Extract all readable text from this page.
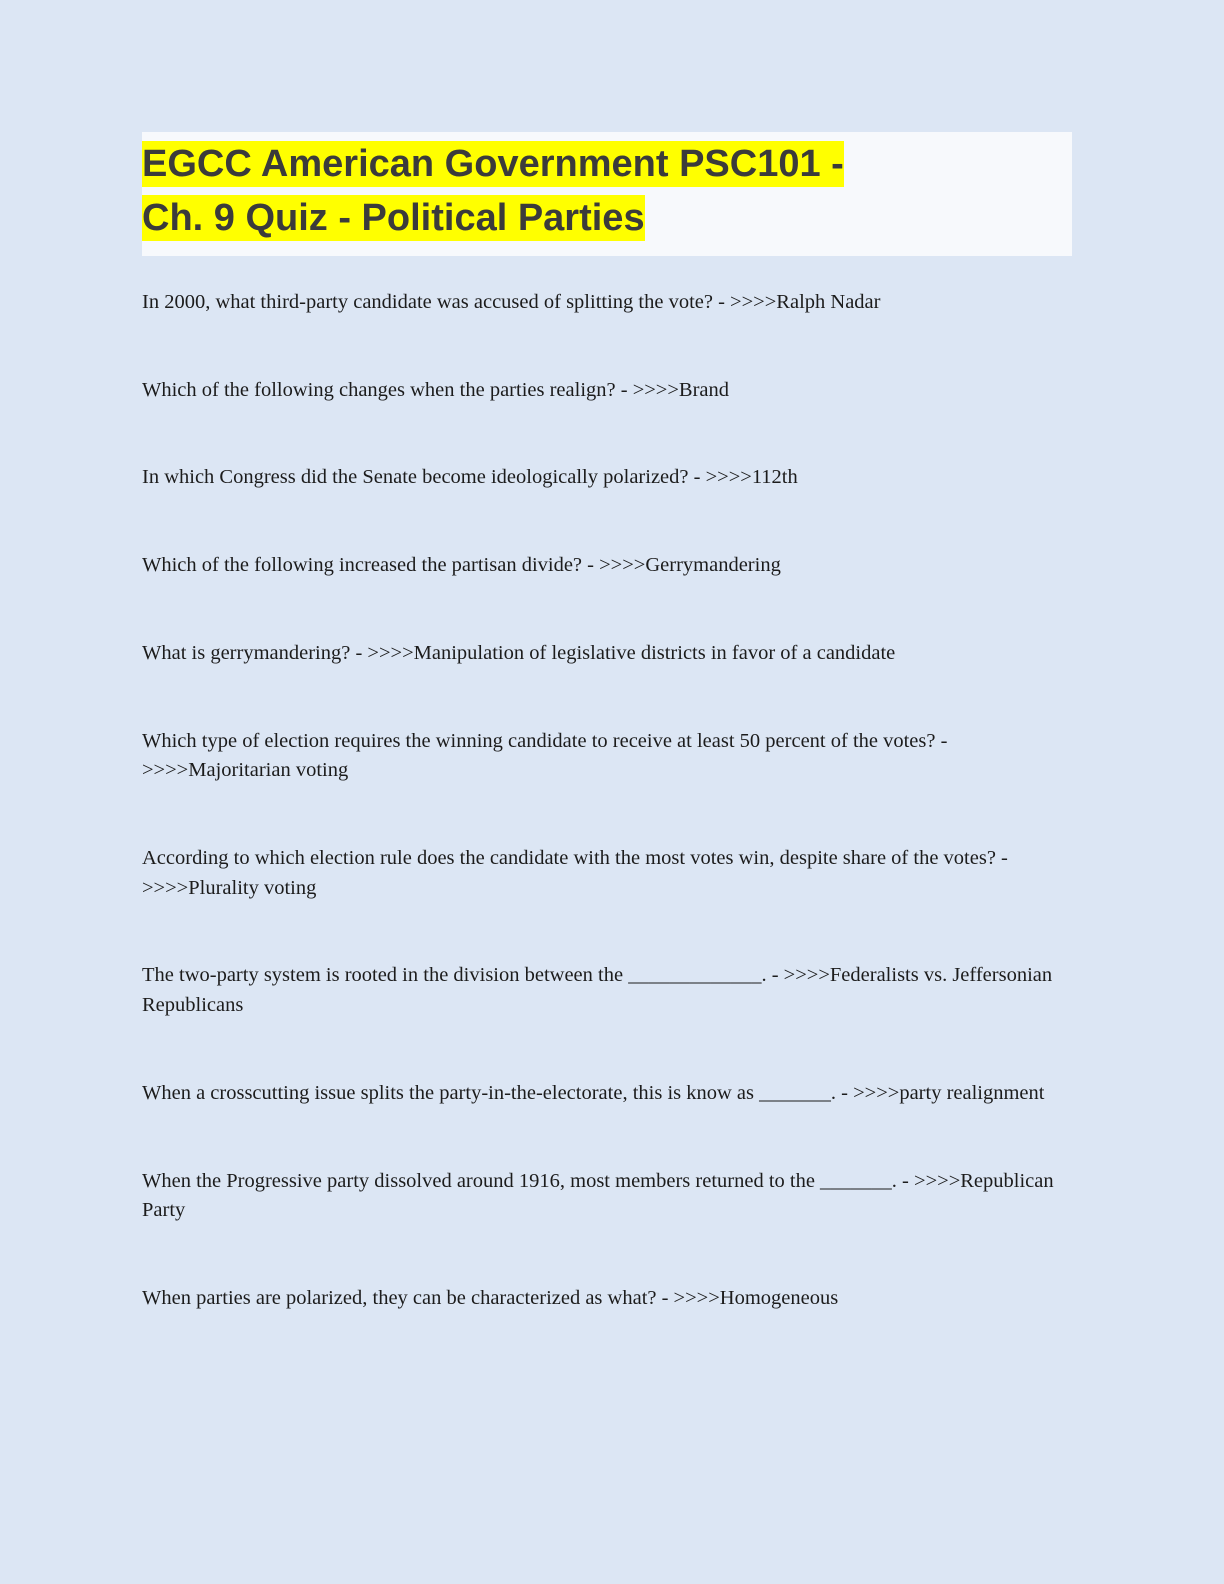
EGCC American Government PSC101 -
Ch. 9 Quiz - Political Parties

In 2000, what third-party candidate was accused of splitting the vote? - >>>>Ralph Nadar

Which of the following changes when the parties realign? - >>>>Brand

In which Congress did the Senate become ideologically polarized? - >>>>112th

Which of the following increased the partisan divide? - >>>>Gerrymandering

What is gerrymandering? - >>>>Manipulation of legislative districts in favor of a candidate

Which type of election requires the winning candidate to receive at least 50 percent of the votes? - >>>>Majoritarian voting

According to which election rule does the candidate with the most votes win, despite share of the votes? - >>>>Plurality voting

The two-party system is rooted in the division between the _____________. - >>>>Federalists vs. Jeffersonian Republicans

When a crosscutting issue splits the party-in-the-electorate, this is know as _______. - >>>>party realignment

When the Progressive party dissolved around 1916, most members returned to the _______. - >>>>Republican Party

When parties are polarized, they can be characterized as what? - >>>>Homogeneous
